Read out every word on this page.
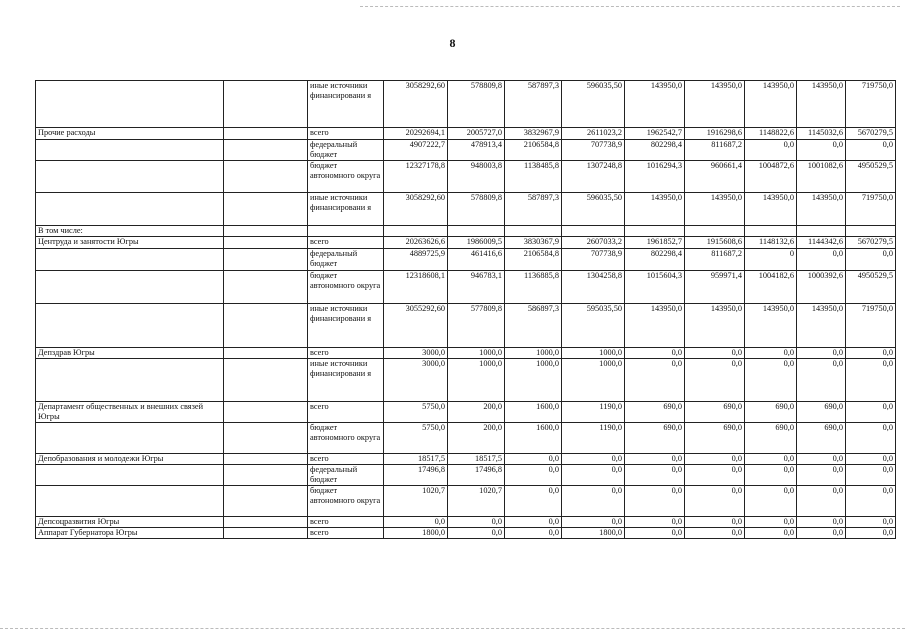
8
		иные источники финансировани я	3058292,60	578809,8	587897,3	596035,50	143950,0	143950,0	143950,0	143950,0	719750,0
Прочие расходы		всего	20292694,1	2005727,0	3832967,9	2611023,2	1962542,7	1916298,6	1148822,6	1145032,6	5670279,5
		федеральный бюджет	4907222,7	478913,4	2106584,8	707738,9	802298,4	811687,2	0,0	0,0	0,0
		бюджет автономного округа	12327178,8	948003,8	1138485,8	1307248,8	1016294,3	960661,4	1004872,6	1001082,6	4950529,5
		иные источники финансировани я	3058292,60	578809,8	587897,3	596035,50	143950,0	143950,0	143950,0	143950,0	719750,0
В том числе:											
Центруда и занятости Югры		всего	20263626,6	1986009,5	3830367,9	2607033,2	1961852,7	1915608,6	1148132,6	1144342,6	5670279,5
		федеральный бюджет	4889725,9	461416,6	2106584,8	707738,9	802298,4	811687,2	0	0,0	0,0
		бюджет автономного округа	12318608,1	946783,1	1136885,8	1304258,8	1015604,3	959971,4	1004182,6	1000392,6	4950529,5
		иные источники финансировани я	3055292,60	577809,8	586897,3	595035,50	143950,0	143950,0	143950,0	143950,0	719750,0
Депздрав Югры		всего	3000,0	1000,0	1000,0	1000,0	0,0	0,0	0,0	0,0	0,0
		иные источники финансировани я	3000,0	1000,0	1000,0	1000,0	0,0	0,0	0,0	0,0	0,0
Департамент общественных и внешних связей Югры		всего	5750,0	200,0	1600,0	1190,0	690,0	690,0	690,0	690,0	0,0
		бюджет автономного округа	5750,0	200,0	1600,0	1190,0	690,0	690,0	690,0	690,0	0,0
Депобразования и молодежи Югры		всего	18517,5	18517,5	0,0	0,0	0,0	0,0	0,0	0,0	0,0
		федеральный бюджет	17496,8	17496,8	0,0	0,0	0,0	0,0	0,0	0,0	0,0
		бюджет автономного округа	1020,7	1020,7	0,0	0,0	0,0	0,0	0,0	0,0	0,0
Депсоцразвития Югры		всего	0,0	0,0	0,0	0,0	0,0	0,0	0,0	0,0	0,0
Аппарат Губернатора Югры		всего	1800,0	0,0	0,0	1800,0	0,0	0,0	0,0	0,0	0,0
